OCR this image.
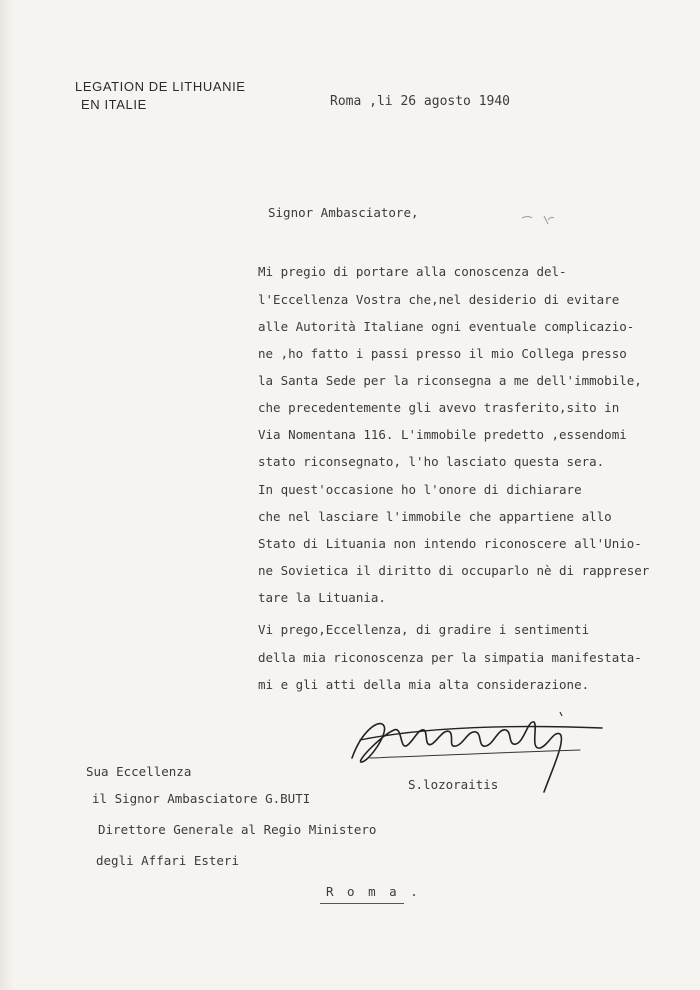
LEGATION DE LITHUANIE
EN ITALIE	Roma ,li 26 agosto 1940
Signor Ambasciatore,
Mi pregio di portare alla conoscenza del-
l'Eccellenza Vostra che,nel desiderio di evitare
alle Autorità Italiane ogni eventuale complicazio-
ne ,ho fatto i passi presso il mio Collega presso
la Santa Sede per la riconsegna a me dell'immobile,
che precedentemente gli avevo trasferito,sito in
Via Nomentana 116. L'immobile predetto ,essendomi
stato riconsegnato, l'ho lasciato questa sera.
In quest'occasione ho l'onore di dichiarare
che nel lasciare l'immobile che appartiene allo
Stato di Lituania non intendo riconoscere all'Unio-
ne Sovietica il diritto di occuparlo nè di rappreser
tare la Lituania.
Vi prego,Eccellenza, di gradire i sentimenti
della mia riconoscenza per la simpatia manifestata-
mi e gli atti della mia alta considerazione.
S.lozoraitis
Sua Eccellenza
il Signor Ambasciatore G.BUTI
Direttore Generale al Regio Ministero
degli Affari Esteri
R o m a .
